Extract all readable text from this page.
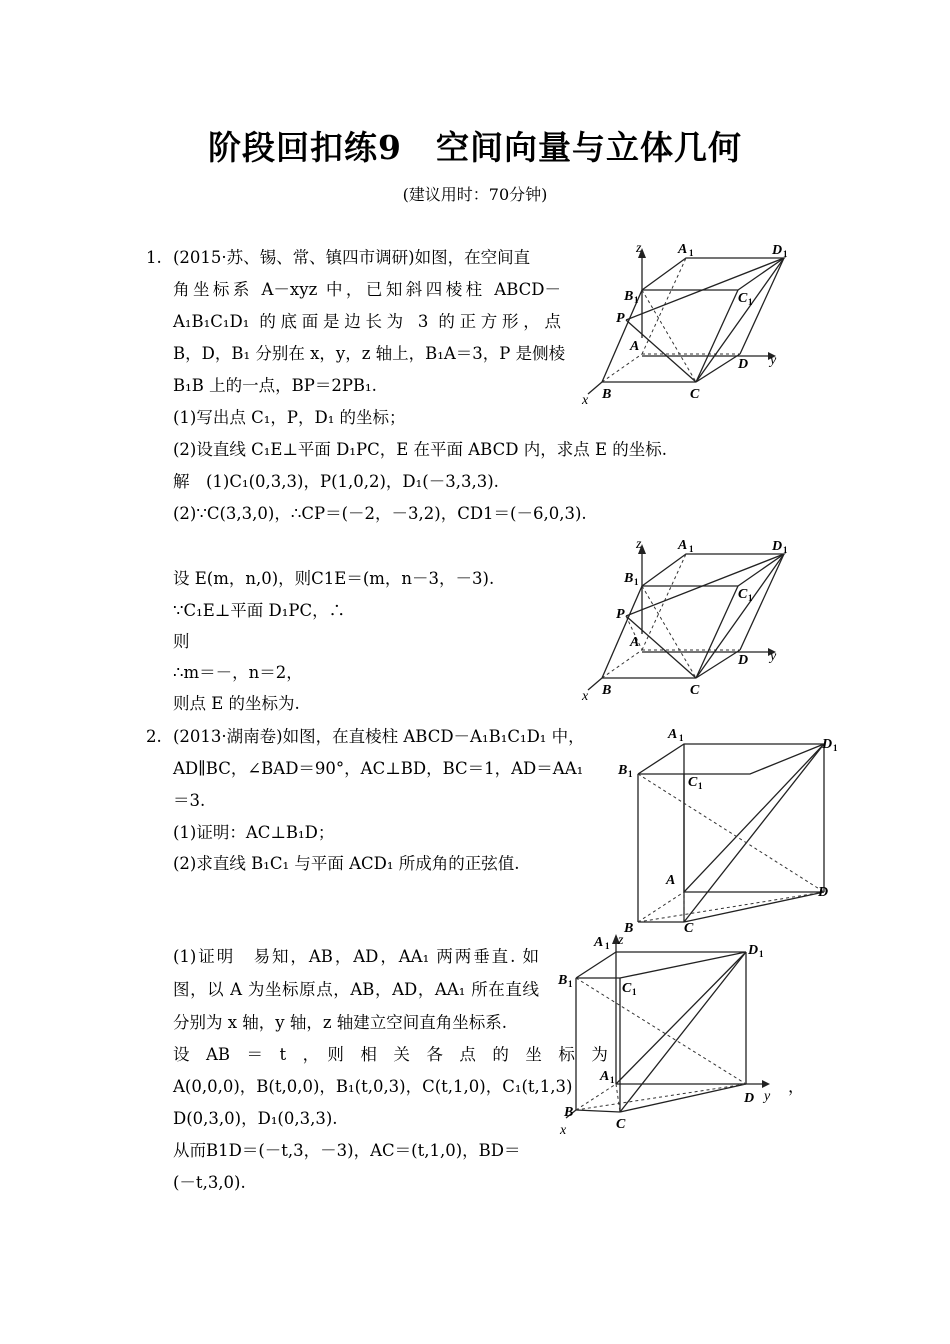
阶段回扣练9　空间向量与立体几何
(建议用时：70分钟)
1. (2015·苏、锡、常、镇四市调研)如图，在空间直
角坐标系 A－xyz 中，已知斜四棱柱 ABCD－
A₁B₁C₁D₁ 的底面是边长为 3 的正方形，点
B，D，B₁ 分别在 x，y，z 轴上，B₁A＝3，P 是侧棱
B₁B 上的一点，BP＝2PB₁.
(1)写出点 C₁，P，D₁ 的坐标；
(2)设直线 C₁E⊥平面 D₁PC，E 在平面 ABCD 内，求点 E 的坐标.
解　(1)C₁(0,3,3)，P(1,0,2)，D₁(－3,3,3).
(2)∵C(3,3,0)，∴CP＝(－2，－3,2)，CD1＝(－6,0,3).
设 E(m，n,0)，则C1E＝(m，n－3，－3).
∵C₁E⊥平面 D₁PC，∴
则
∴m＝－，n＝2，
则点 E 的坐标为.
2. (2013·湖南卷)如图，在直棱柱 ABCD－A₁B₁C₁D₁ 中，
AD∥BC，∠BAD＝90°，AC⊥BD，BC＝1，AD＝AA₁
＝3.
(1)证明：AC⊥B₁D；
(2)求直线 B₁C₁ 与平面 ACD₁ 所成角的正弦值.
(1)证明　易知，AB，AD，AA₁ 两两垂直. 如
图，以 A 为坐标原点，AB，AD，AA₁ 所在直线
分别为 x 轴，y 轴，z 轴建立空间直角坐标系.
设　AB　＝　t　，　则　相　关　各　点　的　坐　标　为
A(0,0,0)，B(t,0,0)，B₁(t,0,3)，C(t,1,0)，C₁(t,1,3)
D(0,3,0)，D₁(0,3,3).
从而B1D＝(－t,3，－3)，AC＝(t,1,0)，BD＝
(－t,3,0).
，
z
y
x
A 1	D 1
B 1	C 1
P
A
D
B	C
z
y
x
A 1	D 1
B 1
C 1
P
A
D
B	C
A 1	D 1
B 1
C 1
A
D
B	C
A 1 z
D 1
B 1	C 1
A 1
D y
B
C
x
